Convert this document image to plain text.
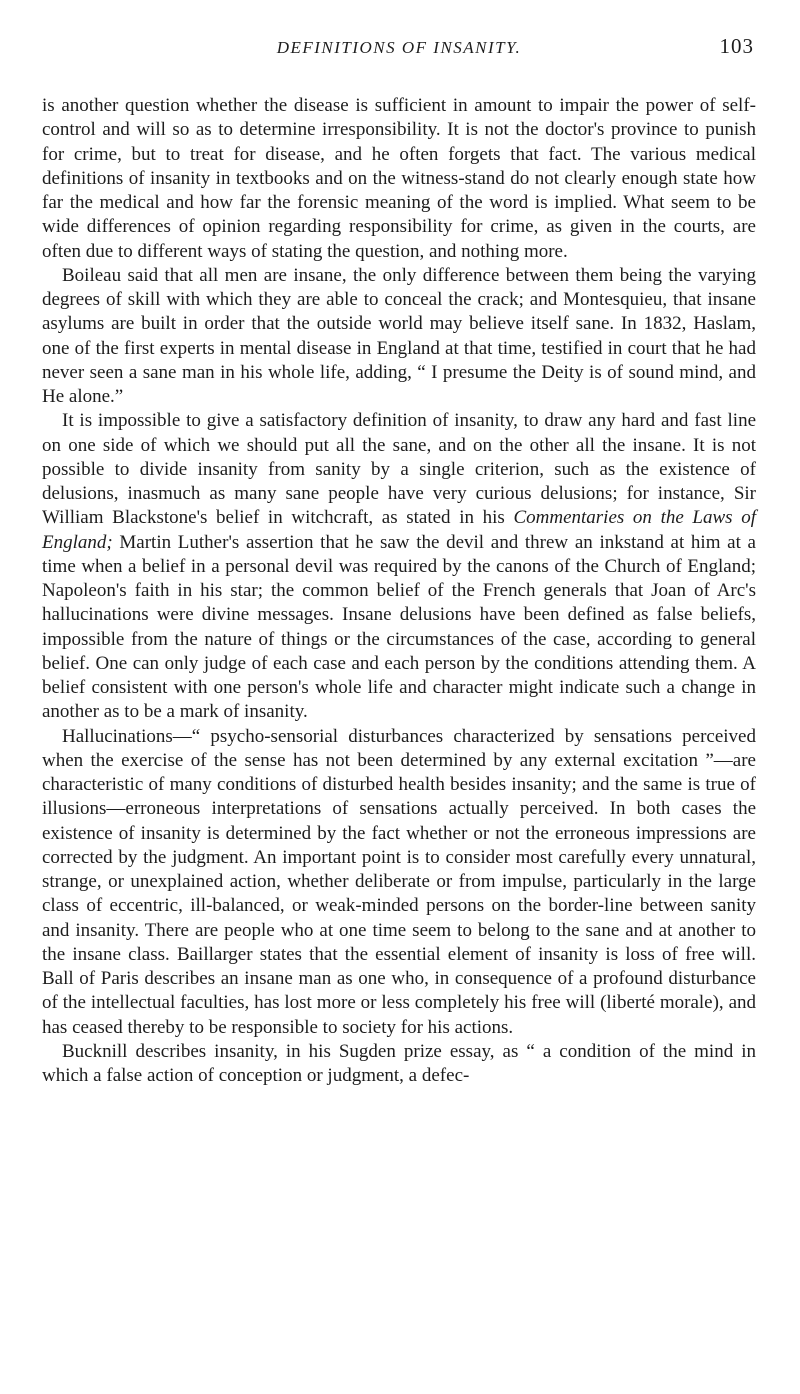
DEFINITIONS OF INSANITY.	103

is another question whether the disease is sufficient in amount to impair the power of self-control and will so as to determine irresponsibility. It is not the doctor's province to punish for crime, but to treat for disease, and he often forgets that fact. The various medical definitions of insanity in textbooks and on the witness-stand do not clearly enough state how far the medical and how far the forensic meaning of the word is implied. What seem to be wide differences of opinion regarding responsibility for crime, as given in the courts, are often due to different ways of stating the question, and nothing more.

Boileau said that all men are insane, the only difference between them being the varying degrees of skill with which they are able to conceal the crack; and Montesquieu, that insane asylums are built in order that the outside world may believe itself sane. In 1832, Haslam, one of the first experts in mental disease in England at that time, testified in court that he had never seen a sane man in his whole life, adding, “ I presume the Deity is of sound mind, and He alone.”

It is impossible to give a satisfactory definition of insanity, to draw any hard and fast line on one side of which we should put all the sane, and on the other all the insane. It is not possible to divide insanity from sanity by a single criterion, such as the existence of delusions, inasmuch as many sane people have very curious delusions; for instance, Sir William Blackstone's belief in witchcraft, as stated in his Commentaries on the Laws of England; Martin Luther's assertion that he saw the devil and threw an inkstand at him at a time when a belief in a personal devil was required by the canons of the Church of England; Napoleon's faith in his star; the common belief of the French generals that Joan of Arc's hallucinations were divine messages. Insane delusions have been defined as false beliefs, impossible from the nature of things or the circumstances of the case, according to general belief. One can only judge of each case and each person by the conditions attending them. A belief consistent with one person's whole life and character might indicate such a change in another as to be a mark of insanity.

Hallucinations—“ psycho-sensorial disturbances characterized by sensations perceived when the exercise of the sense has not been determined by any external excitation ”—are characteristic of many conditions of disturbed health besides insanity; and the same is true of illusions—erroneous interpretations of sensations actually perceived. In both cases the existence of insanity is determined by the fact whether or not the erroneous impressions are corrected by the judgment. An important point is to consider most carefully every unnatural, strange, or unexplained action, whether deliberate or from impulse, particularly in the large class of eccentric, ill-balanced, or weak-minded persons on the border-line between sanity and insanity. There are people who at one time seem to belong to the sane and at another to the insane class. Baillarger states that the essential element of insanity is loss of free will. Ball of Paris describes an insane man as one who, in consequence of a profound disturbance of the intellectual faculties, has lost more or less completely his free will (liberté morale), and has ceased thereby to be responsible to society for his actions.

Bucknill describes insanity, in his Sugden prize essay, as “ a condition of the mind in which a false action of conception or judgment, a defec-
